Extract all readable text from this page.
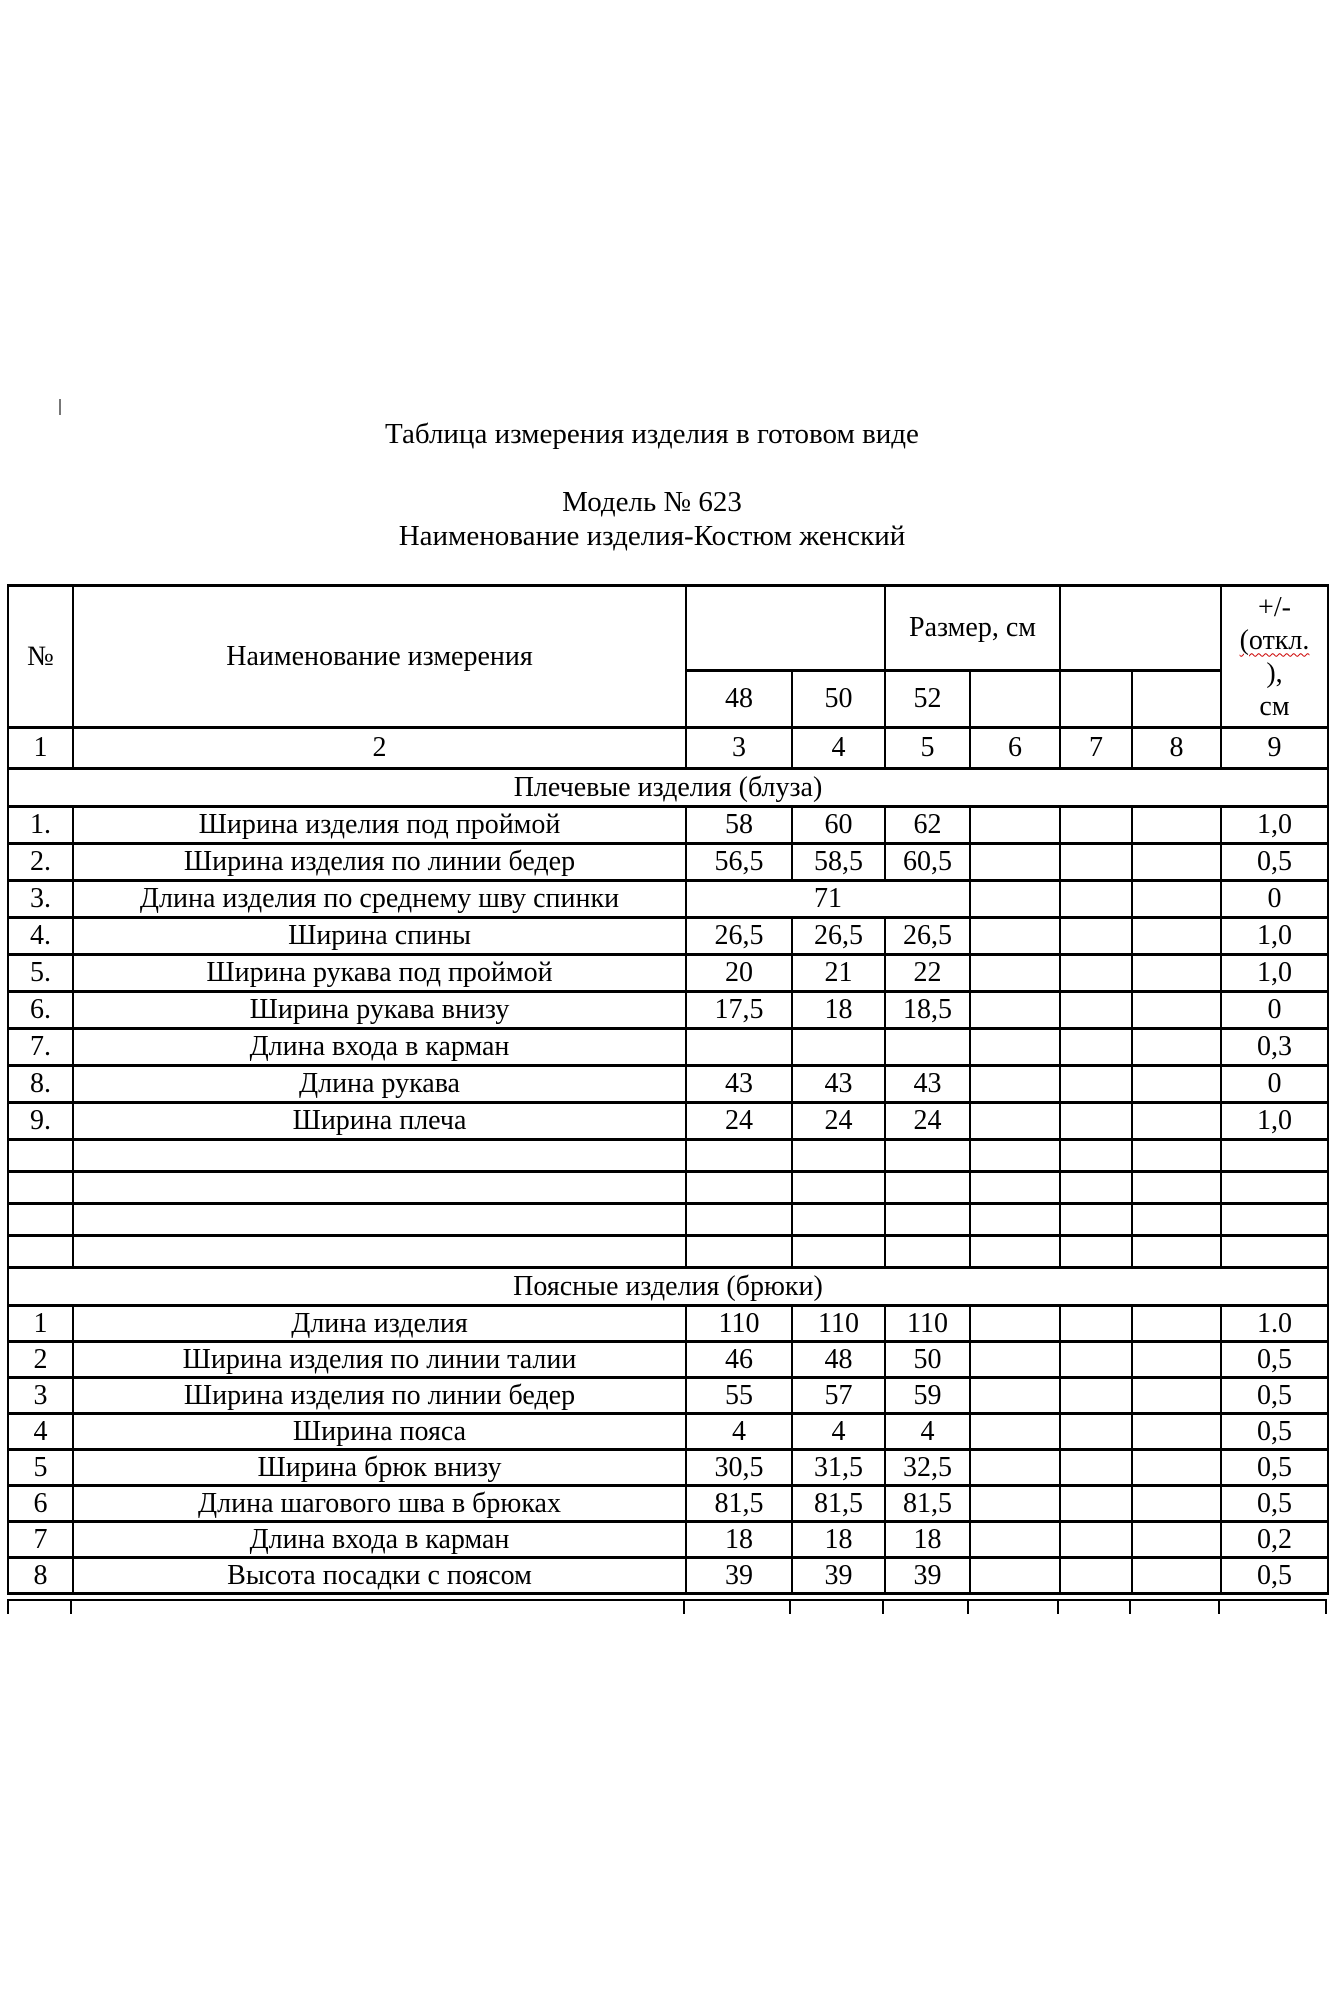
Таблица измерения изделия в готовом виде
Модель № 623
Наименование изделия-Костюм женский
№	Наименование измерения			Размер, см				+/-
(откл.
),
см

		48	50	52				
1	2	3	4	5	6	7	8	9
Плечевые изделия (блуза)								
1.	Ширина изделия под проймой	58	60	62				1,0
2.	Ширина изделия по линии бедер	56,5	58,5	60,5				0,5
3.	Длина изделия по среднему шву спинки	71						0
4.	Ширина спины	26,5	26,5	26,5				1,0
5.	Ширина рукава под проймой	20	21	22				1,0
6.	Ширина рукава внизу	17,5	18	18,5				0
7.	Длина входа в карман							0,3
8.	Длина рукава	43	43	43				0
9.	Ширина плеча	24	24	24				1,0

Поясные изделия (брюки)								
1	Длина изделия	110	110	110				1.0
2	Ширина изделия по линии талии	46	48	50				0,5
3	Ширина изделия по линии бедер	55	57	59				0,5
4	Ширина пояса	4	4	4				0,5
5	Ширина брюк внизу	30,5	31,5	32,5				0,5
6	Длина шагового шва в брюках	81,5	81,5	81,5				0,5
7	Длина входа в карман	18	18	18				0,2
8	Высота посадки с поясом	39	39	39				0,5
